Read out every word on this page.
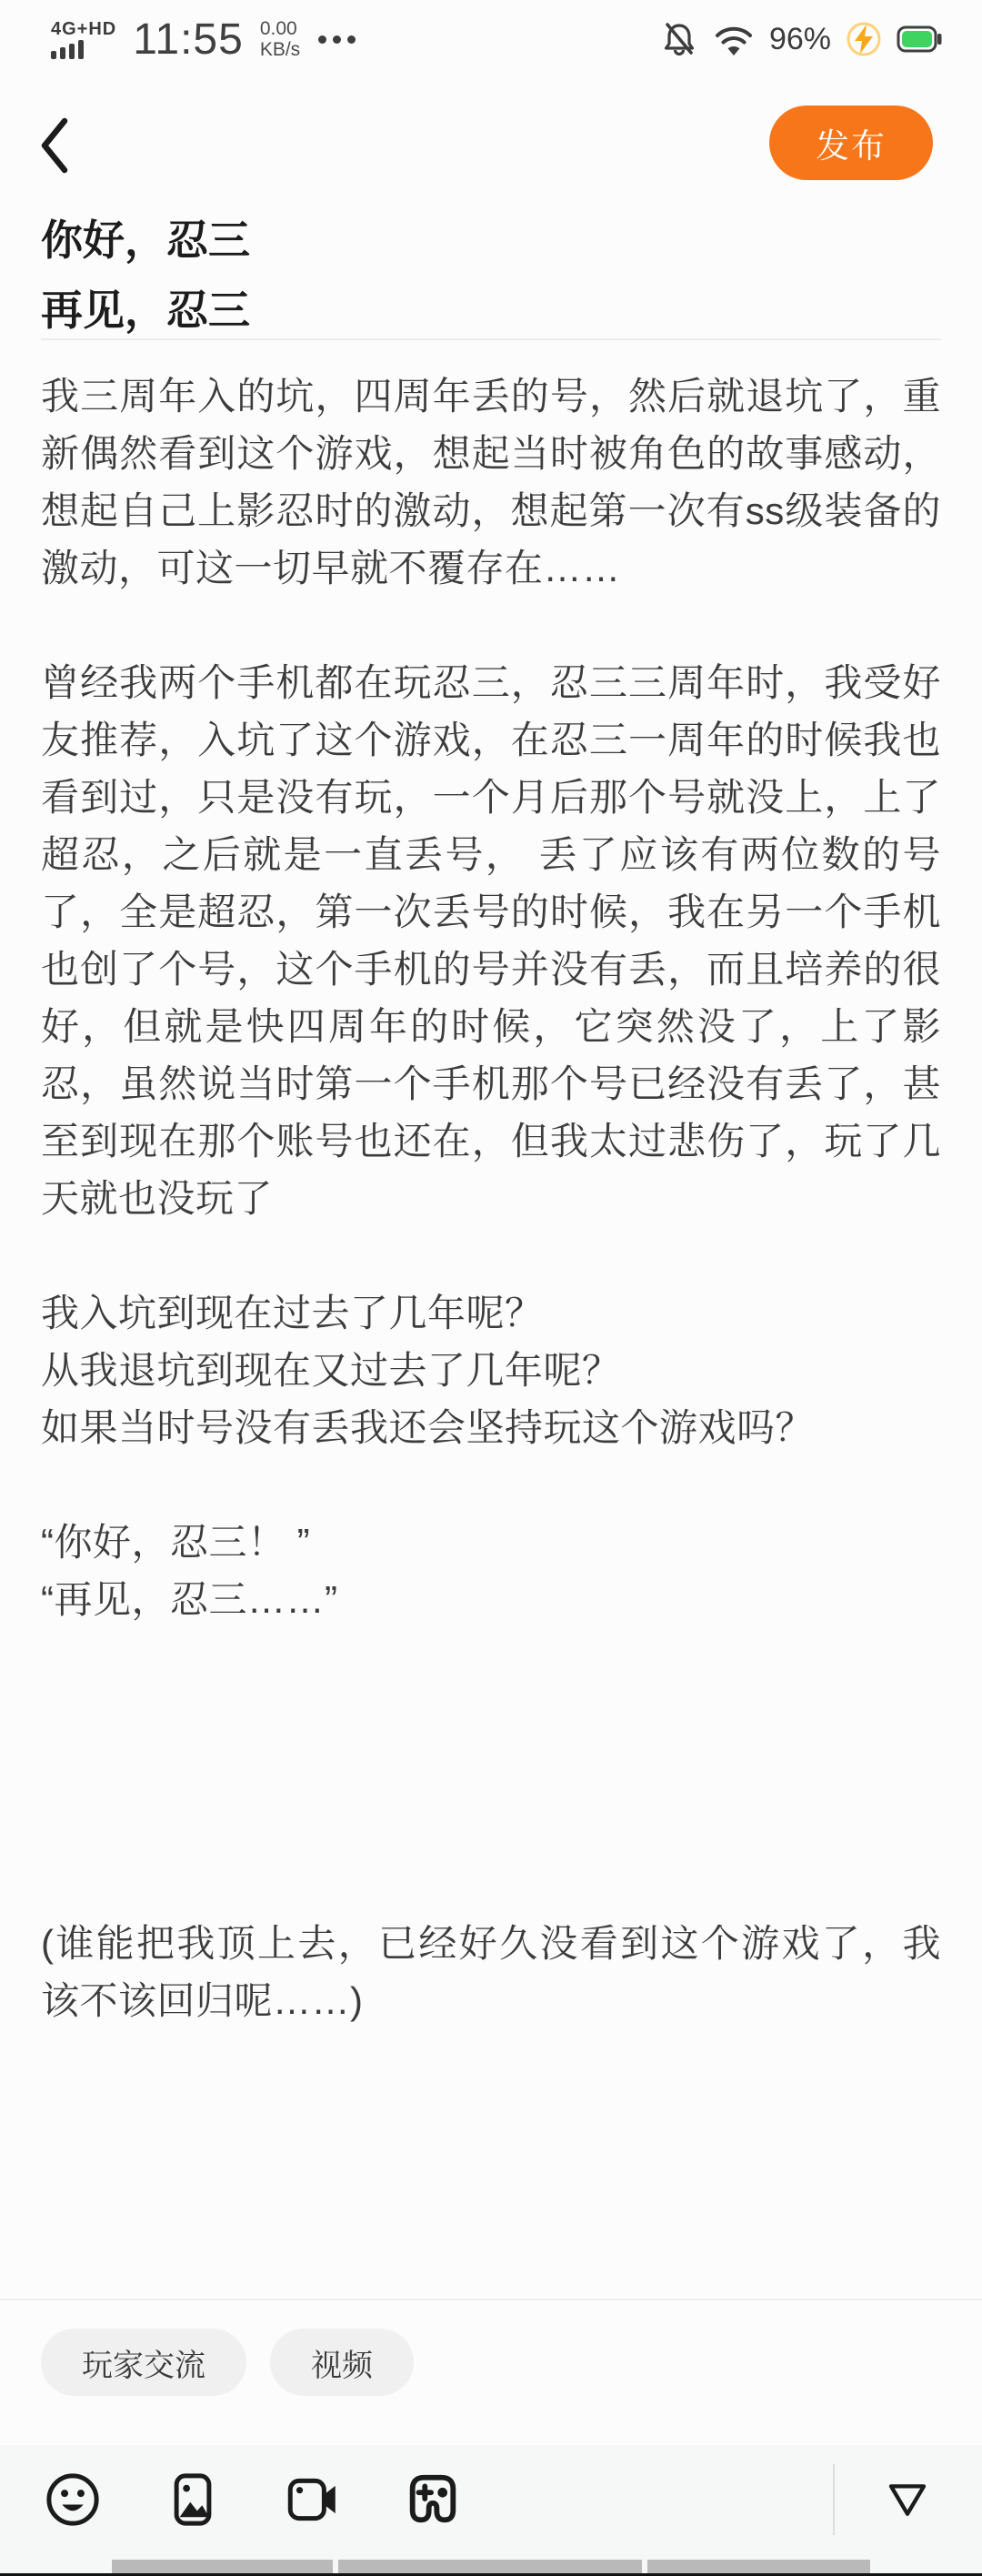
4G+HD 11:55 0.00
KB/s	96%
发布
你好，忍三
再见，忍三
我三周年入的坑，四周年丢的号，然后就退坑了，重新偶然看到这个游戏，想起当时被角色的故事感动，想起自己上影忍时的激动，想起第一次有ss级装备的激动，可这一切早就不覆存在……
曾经我两个手机都在玩忍三，忍三三周年时，我受好友推荐，入坑了这个游戏，在忍三一周年的时候我也看到过，只是没有玩，一个月后那个号就没上，上了超忍，之后就是一直丢号， 丢了应该有两位数的号了，全是超忍，第一次丢号的时候，我在另一个手机也创了个号，这个手机的号并没有丢，而且培养的很好，但就是快四周年的时候，它突然没了，上了影忍，虽然说当时第一个手机那个号已经没有丢了，甚至到现在那个账号也还在，但我太过悲伤了，玩了几天就也没玩了
我入坑到现在过去了几年呢？
从我退坑到现在又过去了几年呢？
如果当时号没有丢我还会坚持玩这个游戏吗？
“你好，忍三！ ”
“再见，忍三……”
(谁能把我顶上去，已经好久没看到这个游戏了，我该不该回归呢……)
玩家交流	视频
